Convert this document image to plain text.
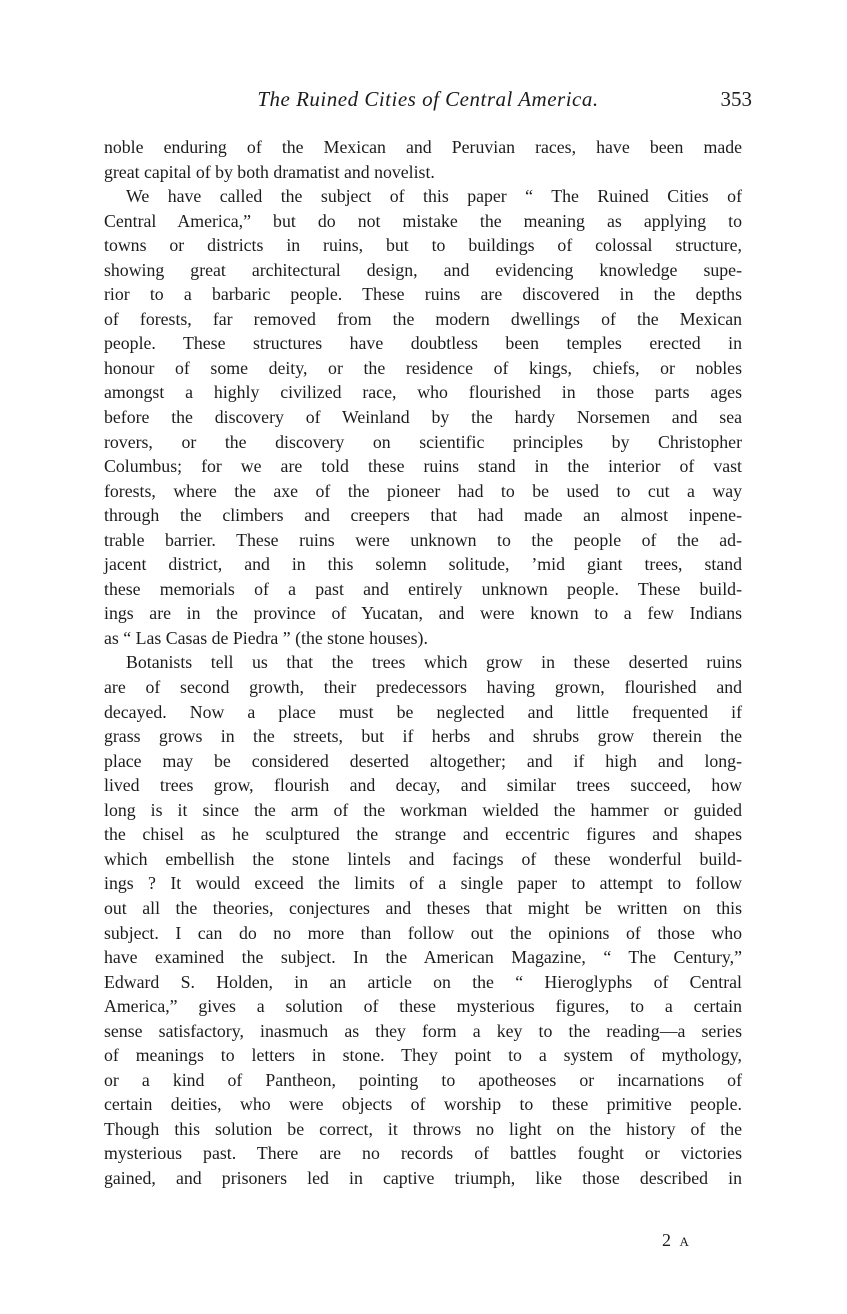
The Ruined Cities of Central America.	353
noble enduring of the Mexican and Peruvian races, have been made
great capital of by both dramatist and novelist.
We have called the subject of this paper “ The Ruined Cities of
Central America,” but do not mistake the meaning as applying to
towns or districts in ruins, but to buildings of colossal structure,
showing great architectural design, and evidencing knowledge supe-
rior to a barbaric people. These ruins are discovered in the depths
of forests, far removed from the modern dwellings of the Mexican
people. These structures have doubtless been temples erected in
honour of some deity, or the residence of kings, chiefs, or nobles
amongst a highly civilized race, who flourished in those parts ages
before the discovery of Weinland by the hardy Norsemen and sea
rovers, or the discovery on scientific principles by Christopher
Columbus; for we are told these ruins stand in the interior of vast
forests, where the axe of the pioneer had to be used to cut a way
through the climbers and creepers that had made an almost inpene-
trable barrier. These ruins were unknown to the people of the ad-
jacent district, and in this solemn solitude, ’mid giant trees, stand
these memorials of a past and entirely unknown people. These build-
ings are in the province of Yucatan, and were known to a few Indians
as “ Las Casas de Piedra ” (the stone houses).
Botanists tell us that the trees which grow in these deserted ruins
are of second growth, their predecessors having grown, flourished and
decayed. Now a place must be neglected and little frequented if
grass grows in the streets, but if herbs and shrubs grow therein the
place may be considered deserted altogether; and if high and long-
lived trees grow, flourish and decay, and similar trees succeed, how
long is it since the arm of the workman wielded the hammer or guided
the chisel as he sculptured the strange and eccentric figures and shapes
which embellish the stone lintels and facings of these wonderful build-
ings ? It would exceed the limits of a single paper to attempt to follow
out all the theories, conjectures and theses that might be written on this
subject. I can do no more than follow out the opinions of those who
have examined the subject. In the American Magazine, “ The Century,”
Edward S. Holden, in an article on the “ Hieroglyphs of Central
America,” gives a solution of these mysterious figures, to a certain
sense satisfactory, inasmuch as they form a key to the reading—a series
of meanings to letters in stone. They point to a system of mythology,
or a kind of Pantheon, pointing to apotheoses or incarnations of
certain deities, who were objects of worship to these primitive people.
Though this solution be correct, it throws no light on the history of the
mysterious past. There are no records of battles fought or victories
gained, and prisoners led in captive triumph, like those described in
2 A
